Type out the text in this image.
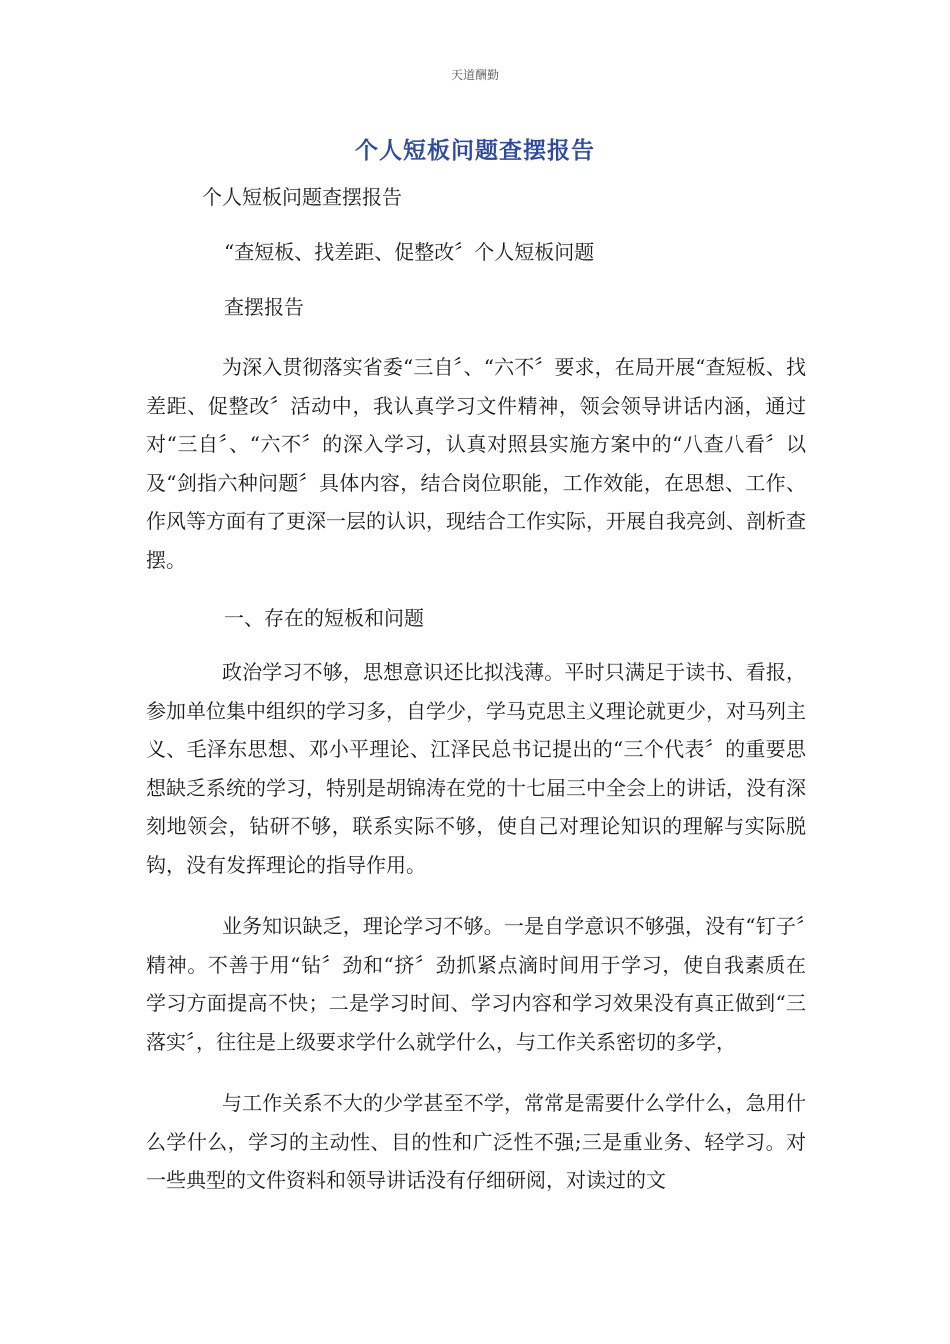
天道酬勤
个人短板问题查摆报告
个人短板问题查摆报告
“查短板、找差距、促整改〞个人短板问题
查摆报告

为深入贯彻落实省委“三自〞、“六不〞要求，在局开展“查短板、找差距、促整改〞活动中，我认真学习文件精神，领会领导讲话内涵，通过对“三自〞、“六不〞的深入学习，认真对照县实施方案中的“八查八看〞以及“剑指六种问题〞具体内容，结合岗位职能，工作效能，在思想、工作、作风等方面有了更深一层的认识，现结合工作实际，开展自我亮剑、剖析查摆。

一、存在的短板和问题

政治学习不够，思想意识还比拟浅薄。平时只满足于读书、看报，参加单位集中组织的学习多，自学少，学马克思主义理论就更少，对马列主义、毛泽东思想、邓小平理论、江泽民总书记提出的“三个代表〞的重要思想缺乏系统的学习，特别是胡锦涛在党的十七届三中全会上的讲话，没有深刻地领会，钻研不够，联系实际不够，使自己对理论知识的理解与实际脱钩，没有发挥理论的指导作用。

业务知识缺乏，理论学习不够。一是自学意识不够强，没有“钉子〞精神。不善于用“钻〞劲和“挤〞劲抓紧点滴时间用于学习，使自我素质在学习方面提高不快；二是学习时间、学习内容和学习效果没有真正做到“三落实〞，往往是上级要求学什么就学什么，与工作关系密切的多学，

与工作关系不大的少学甚至不学，常常是需要什么学什么，急用什么学什么，学习的主动性、目的性和广泛性不强;三是重业务、轻学习。对一些典型的文件资料和领导讲话没有仔细研阅，对读过的文
